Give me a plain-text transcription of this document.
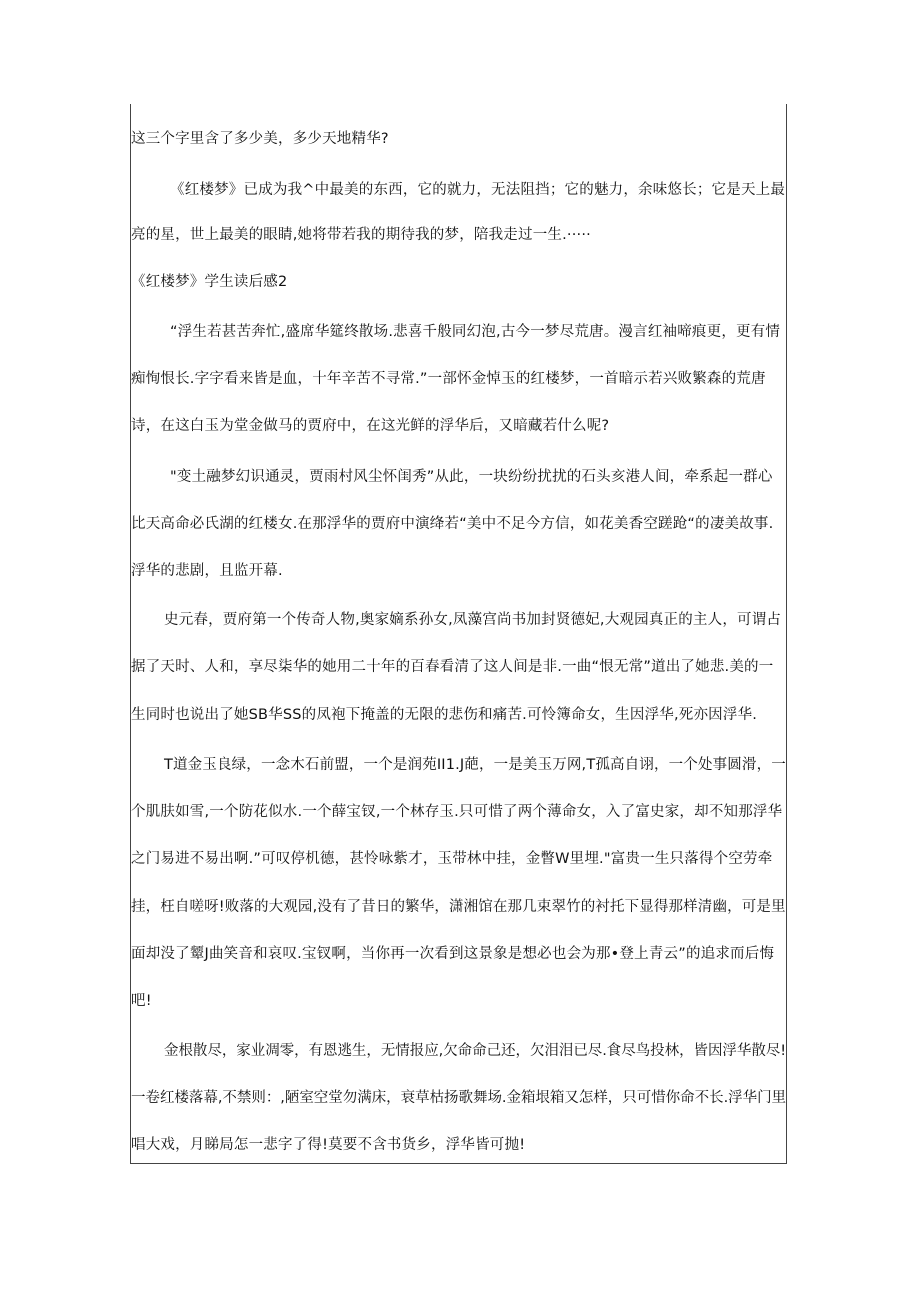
这三个字里含了多少美，多少天地精华?
《红楼梦》已成为我^中最美的东西，它的就力，无法阻挡；它的魅力，余味悠长；它是天上最
亮的星，世上最美的眼睛,她将带若我的期待我的梦，陪我走过一生.·····
《红楼梦》学生读后感2
“浮生若甚苦奔忙,盛席华筵终散场.悲喜千般同幻泡,古今一梦尽荒唐。漫言红袖啼痕更，更有情
痴恂恨长.字字看来皆是血，十年辛苦不寻常.”一部怀金悼玉的红楼梦，一首暗示若兴败繁森的荒唐
诗，在这白玉为堂金做马的贾府中，在这光鲜的浮华后，又暗藏若什么呢?
"变土融梦幻识通灵，贾雨村风尘怀闺秀”从此，一块纷纷扰扰的石头亥港人间，牵系起一群心
比天高命必氏湖的红楼女.在那浮华的贾府中演绛若“美中不足今方信，如花美香空蹉跄“的凄美故事.
浮华的悲剧，且监开幕.
史元春，贾府第一个传奇人物,奥家嫡系孙女,凤藻宫尚书加封贤德妃,大观园真正的主人，可谓占
据了天时、人和，享尽柒华的她用二十年的百春看清了这人间是非.一曲“恨无常”道出了她悲.美的一
生同时也说出了她SB华SS的凤袍下掩盖的无限的悲伤和痛苦.可怜簿命女，生因浮华,死亦因浮华.
T道金玉良绿，一念木石前盟，一个是润苑II1.J葩，一是美玉万网,T孤高自诩，一个处事圆滑，一
个肌肤如雪,一个防花似水.一个薛宝钗,一个林存玉.只可惜了两个薄命女，入了富史家，却不知那浮华
之门易进不易出啊.”可叹停机德，甚怜咏紫才，玉带林中挂，金瞥W里埋."富贵一生只落得个空劳牵
挂，枉自嗟呀!败落的大观园,没有了昔日的繁华，潇湘馆在那几束翠竹的衬托下显得那样清幽，可是里
面却没了颦J曲笑音和哀叹.宝钗啊，当你再一次看到这景象是想必也会为那•登上青云”的追求而后悔
吧!
金根散尽，家业凋零，有恩逃生，无情报应,欠命命己还，欠泪泪已尽.食尽鸟投林，皆因浮华散尽!
一卷红楼落幕,不禁则：,陋室空堂勿满床，衰草枯扬歌舞场.金箱垠箱又怎样，只可惜你命不长.浮华门里
唱大戏，月睇局怎一悲字了得!莫要不含书货乡，浮华皆可抛!
